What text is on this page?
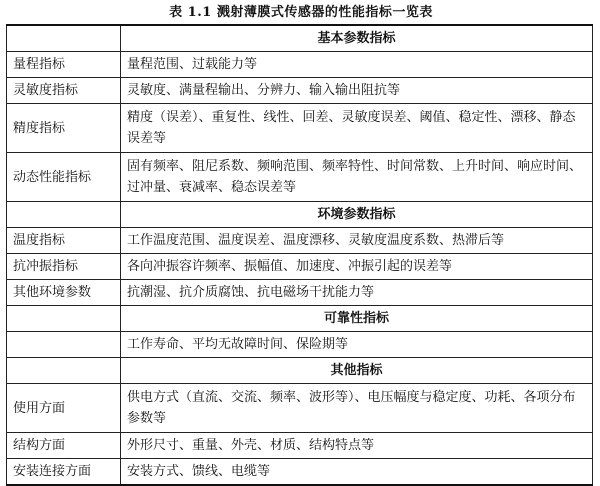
表 1.1 溅射薄膜式传感器的性能指标一览表
	基本参数指标
量程指标	量程范围、过载能力等
灵敏度指标	灵敏度、满量程输出、分辨力、输入输出阻抗等
精度指标	精度（误差）、重复性、线性、回差、灵敏度误差、阈值、稳定性、漂移、静态误差等
动态性能指标	固有频率、阻尼系数、频响范围、频率特性、时间常数、上升时间、响应时间、过冲量、衰减率、稳态误差等
	环境参数指标
温度指标	工作温度范围、温度误差、温度漂移、灵敏度温度系数、热滞后等
抗冲振指标	各向冲振容许频率、振幅值、加速度、冲振引起的误差等
其他环境参数	抗潮湿、抗介质腐蚀、抗电磁场干扰能力等
	可靠性指标
	工作寿命、平均无故障时间、保险期等
	其他指标
使用方面	供电方式（直流、交流、频率、波形等）、电压幅度与稳定度、功耗、各项分布参数等
结构方面	外形尺寸、重量、外壳、材质、结构特点等
安装连接方面	安装方式、馈线、电缆等
